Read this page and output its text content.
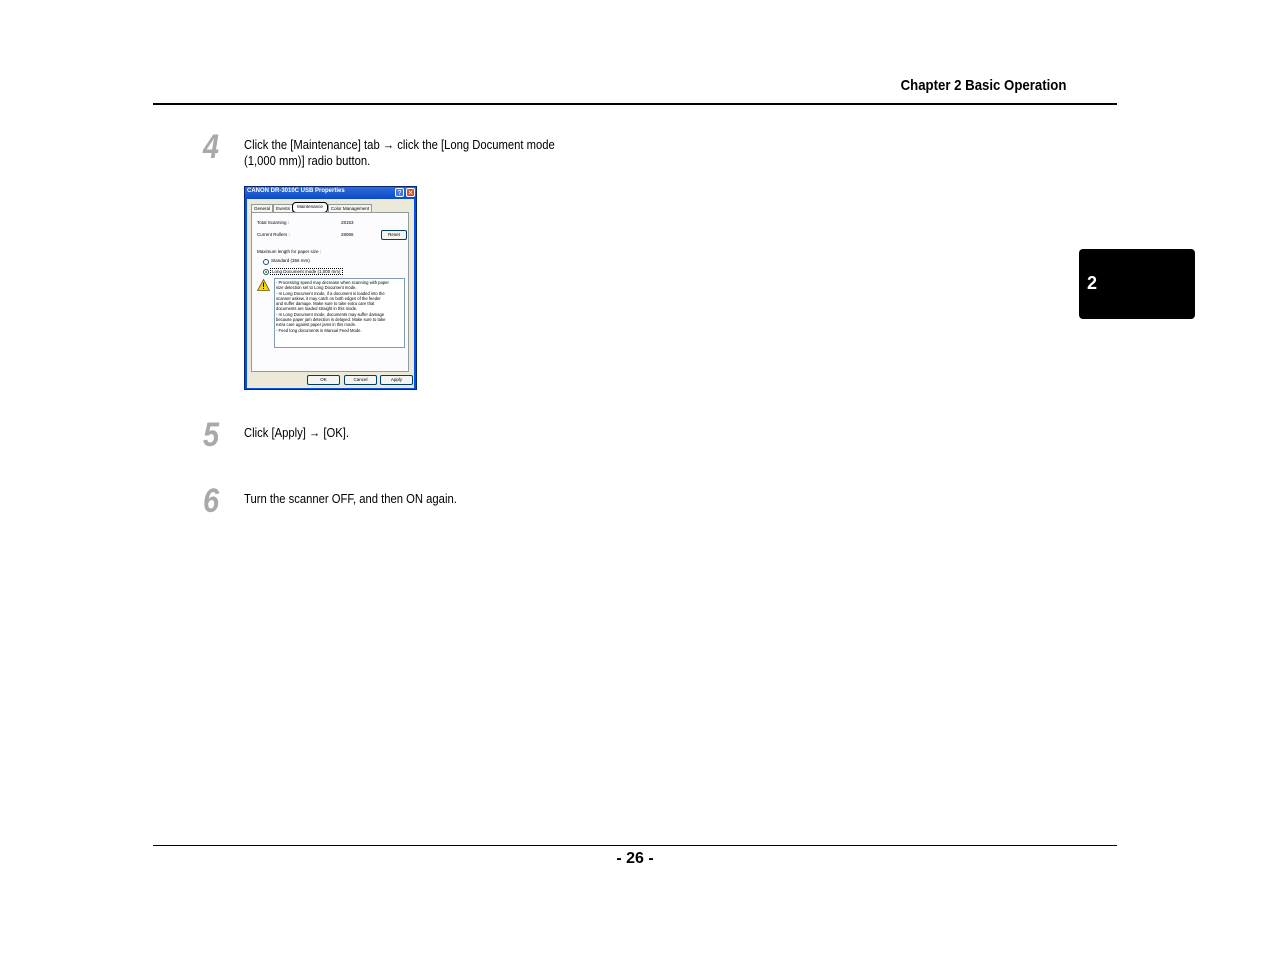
Chapter 2 Basic Operation
2
4 Click the [Maintenance] tab → click the [Long Document mode
(1,000 mm)] radio button.
CANON DR-3010C USB Properties	? ✕
General	Events	Maintenance	Color Management
Total Scanning :	28153
Current Rollers :	28066	Reset
Maximum length for paper size :
Standard (356 mm)
Long Document mode (1,000 mm)
- Processing speed may decrease when scanning with paper
size detection set to Long Document mode.
- In Long Document mode, if a document is loaded into the
scanner askew, it may catch on both edges of the feeder
and suffer damage. Make sure to take extra care that
documents are loaded straight in this mode.
- In Long Document mode, documents may suffer damage
because paper jam detection is delayed. Make sure to take
extra care against paper jams in this mode.
- Feed long documents in Manual Feed Mode.
OK	Cancel	Apply
5 Click [Apply] → [OK].
6 Turn the scanner OFF, and then ON again.
- 26 -
